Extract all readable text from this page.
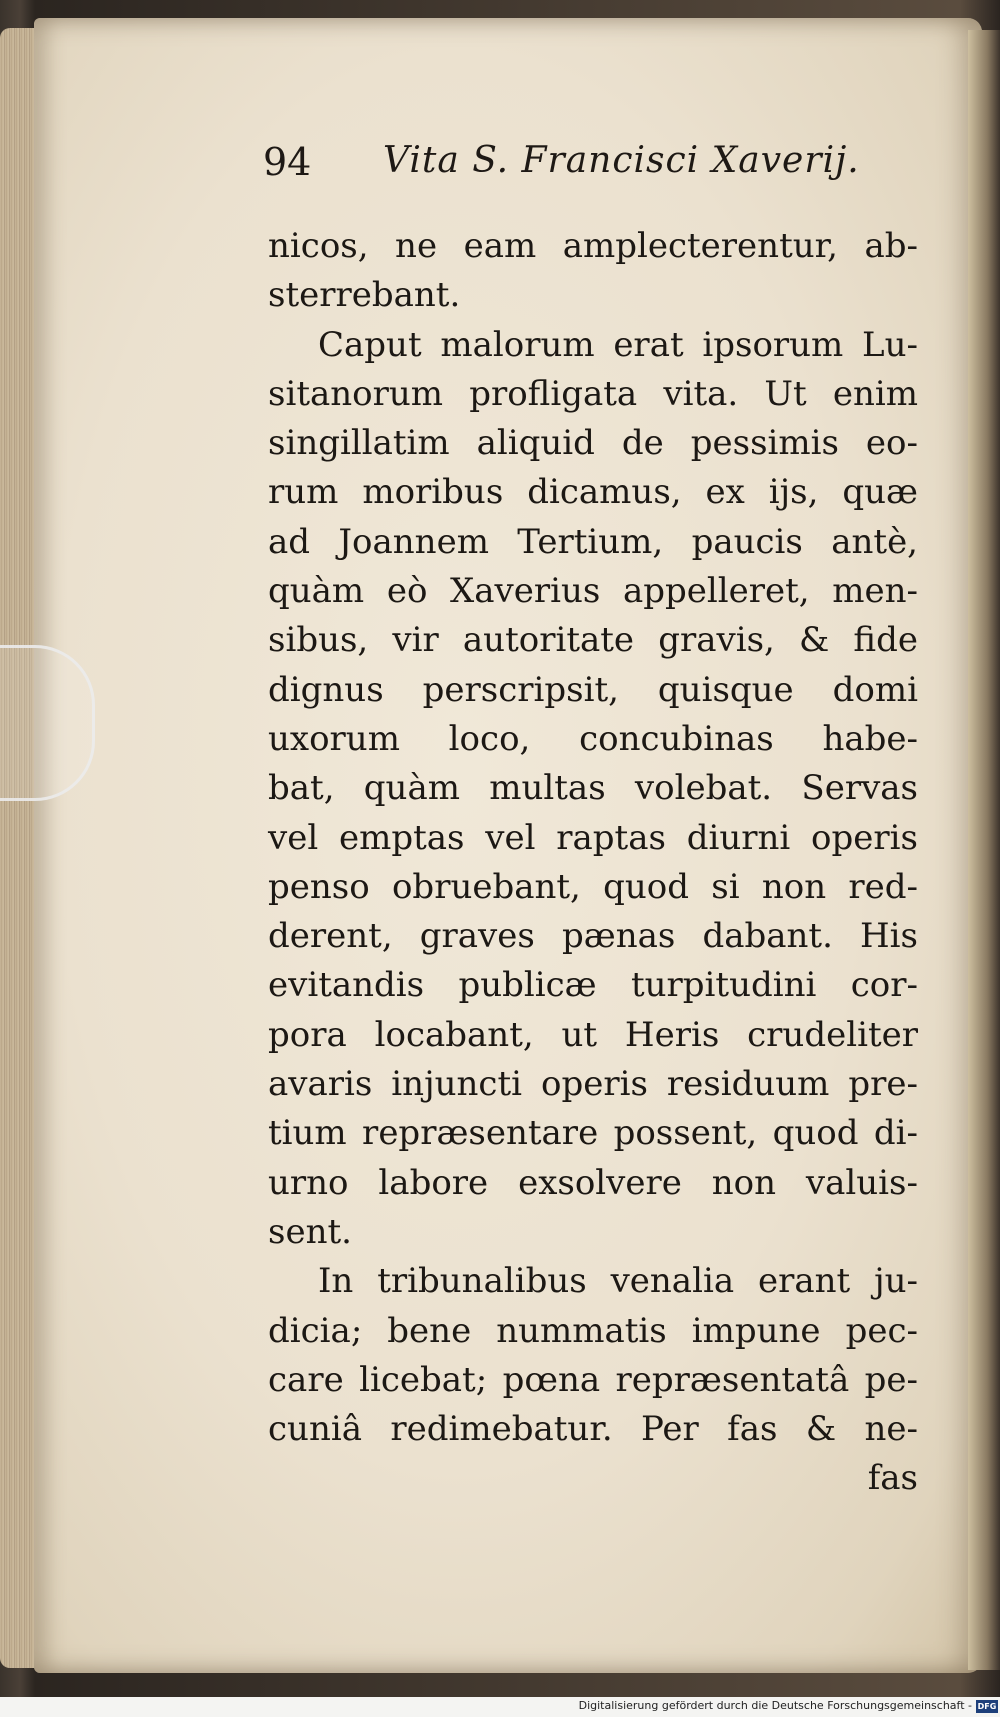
94 Vita S. Francisci Xaverij.
nicos, ne eam amplecterentur, ab-
sterrebant.
Caput malorum erat ipsorum Lu-
sitanorum profligata vita. Ut enim
singillatim aliquid de pessimis eo-
rum moribus dicamus, ex ijs, quæ
ad Joannem Tertium, paucis antè,
quàm eò Xaverius appelleret, men-
sibus, vir autoritate gravis, & fide
dignus perscripsit, quisque domi
uxorum loco, concubinas habe-
bat, quàm multas volebat. Servas
vel emptas vel raptas diurni operis
penso obruebant, quod si non red-
derent, graves pænas dabant. His
evitandis publicæ turpitudini cor-
pora locabant, ut Heris crudeliter
avaris injuncti operis residuum pre-
tium repræsentare possent, quod di-
urno labore exsolvere non valuis-
sent.
In tribunalibus venalia erant ju-
dicia; bene nummatis impune pec-
care licebat; pœna repræsentatâ pe-
cuniâ redimebatur. Per fas & ne-
fas
Digitalisierung gefördert durch die Deutsche Forschungsgemeinschaft - DFG
